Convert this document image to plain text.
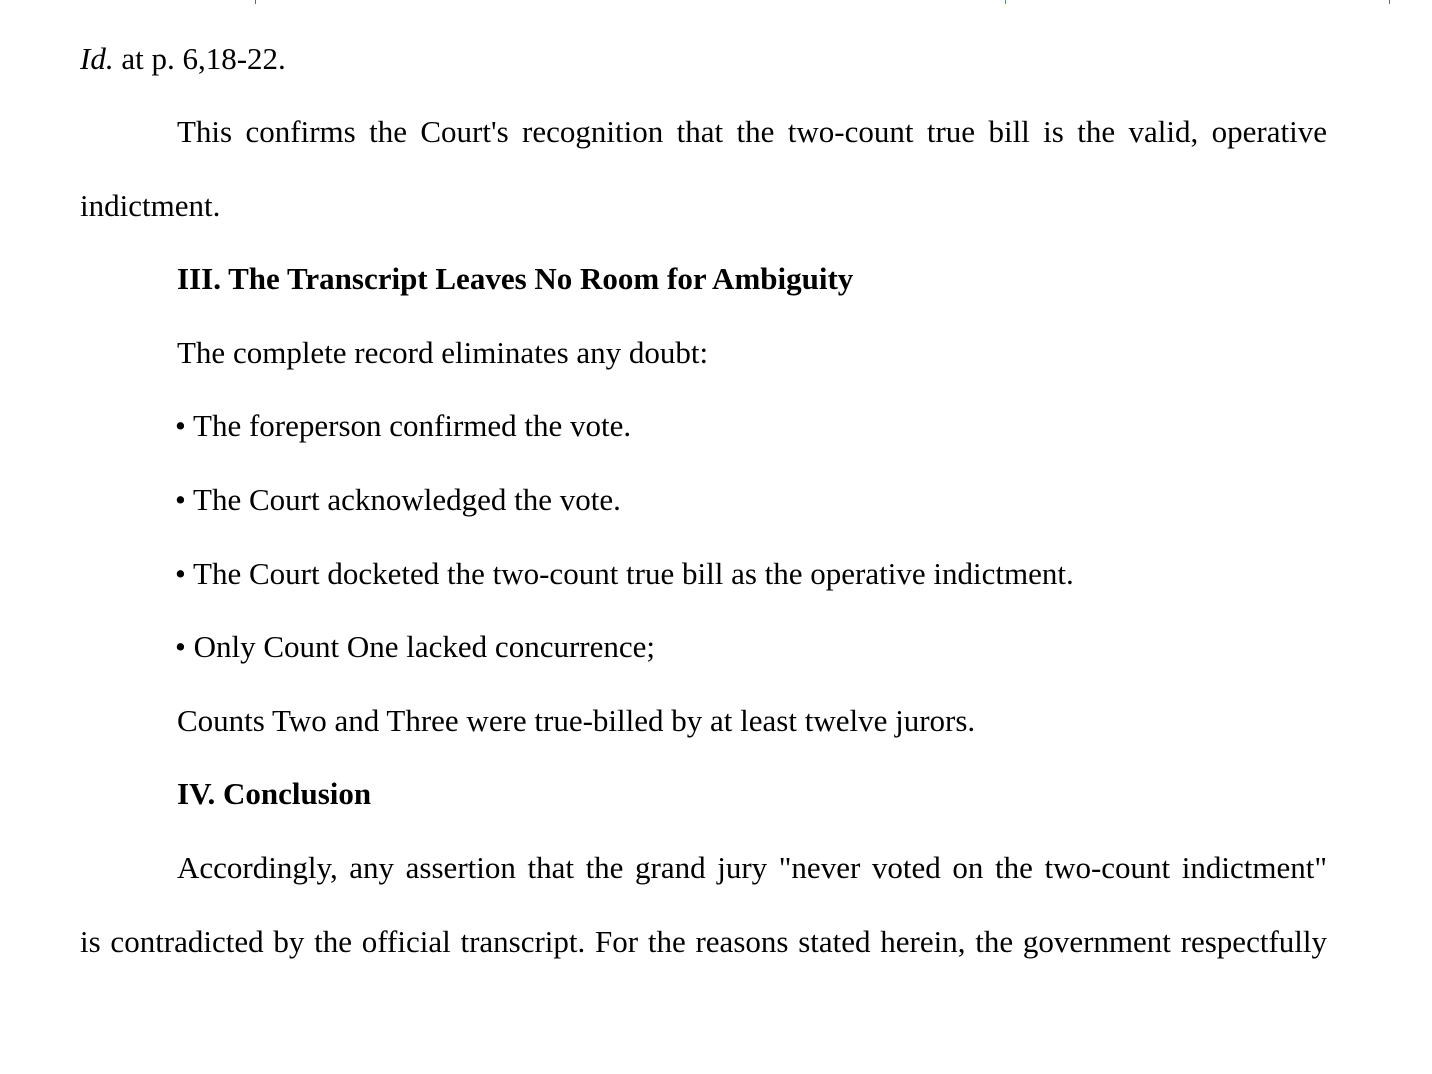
Id. at p. 6,18-22.
This confirms the Court's recognition that the two-count true bill is the valid, operative
indictment.
III. The Transcript Leaves No Room for Ambiguity
The complete record eliminates any doubt:
• The foreperson confirmed the vote.
• The Court acknowledged the vote.
• The Court docketed the two-count true bill as the operative indictment.
• Only Count One lacked concurrence;
Counts Two and Three were true-billed by at least twelve jurors.
IV. Conclusion
Accordingly, any assertion that the grand jury "never voted on the two-count indictment"
is contradicted by the official transcript. For the reasons stated herein, the government respectfully
